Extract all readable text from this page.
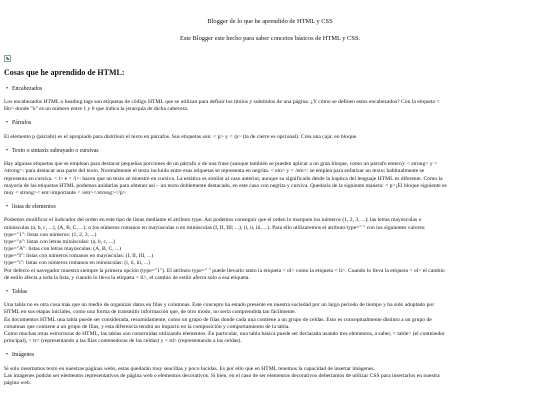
Blogger de lo que he aprendido de HTML y CSS
Este Blogger este hecho para saber concetos básicos de HTML y CSS.
Cosas que he aprendido de HTML:
• Encabezados
Los encabezados HTML o heading tags son etiquetas de código HTML que se utilizan para definir los títulos y subtítulos de una página. ¿Y cómo se definen estos encabezados? Con la etiqueta <
Hn> donde "n" es un número entre 1 y 6 que indica la jerarquía de dicha cabecera.
• Párrafos
El elemento p (párrafo) es el apropiado para distribuir el texto en párrafos. Sus etiquetas son: < p> y < /p> (la de cierre es opcional). Crea una caja: en bloque.
• Texto o sintaxis subrayado o cursivas
Hay algunas etiquetas que se emplean para destacar pequeñas porciones de un párrafo o de una frase (aunque también se pueden aplicar a un gran bloque, como un párrafo entero): < strong> y <
/strong>: para destacar una parte del texto. Normalmente el texto incluido entre esas etiquetas se representa en negrita. < em> y < /em>: se emplea para enfatizar un texto; habitualmente se
representa en cursiva. < i> e < /i>: hacen que un texto se muestre en cursiva. La estática es similar al caso anterior, aunque su significado desde la haptica del lenguaje HTML es diferente. Como la
mayoría de las etiquetas HTML podemos anidarlas para obtener así – un texto doblemente destacado, en este caso con negrita y cursiva. Quedaría de la siguiente manera: < p>¡El bloque siguiente es
muy < strong>< em>importante < /em></strong></p>
• listas de elementos
Podemos modificar el indicador del orden en este tipo de listas mediante el atributo type. Así podemos conseguir que el orden lo marquen los números (1, 2, 3, ...); las letras mayúsculas o
minúsculas (a, b, c, ...), (A, B, C, ...); o los números romanos en mayúsculas o en minúsculas (I, II, III; ...), (i, ii, iii, ...). Para ello utilizaremos el atributo type=" " con los siguientes valores:
type="1": listas con números: (1, 2, 3, ...)
type="a": listas con letras minúsculas: (a, b, c, ...)
type="A": listas con letras mayúsculas: (A, B, C, ...)
type="I": listas con números romanos en mayúsculas: (I, II, III, ...)
type="i": listas con números romanos en minúsculas: (i, ii, iii, ...)
Por defecto el navegador muestra siempre la primera opción (type="1"). El atributo type=" " puede llevarlo tanto la etiqueta < ol> como la etiqueta < li>. Cuando lo lleva la etiqueta < ol> el cambio
de estilo afecta a toda la lista, y cuando lo lleva la etiqueta < li>, el cambio de estilo afecta solo a esa etiqueta.
• Tablas
Una tabla no es otra cosa más que un medio de organizar datos en filas y columnas. Este concepto ha estado presente en nuestra sociedad por un largo periodo de tiempo y ha sido adoptado por
HTML en sus etapas iniciales, como una forma de transmitir información que, de otro modo, no sería comprendida tan fácilmente.
En documentos HTML una tabla puede ser considerada, resumidamente, como un grupo de filas donde cada una contiene a un grupo de celdas. Esto es conceptualmente distinto a un grupo de
columnas que contiene a un grupo de filas, y esta diferencia tendrá un impacto en la composición y comportamiento de la tabla.
Como muchas otras estructuras de HTML, las tablas son construidas utilizando elementos. En particular, una tabla básica puede ser declarada usando tres elementos, a saber, < table> (el contenedor
principal), < tr> (representando a las filas contenedoras de las celdas) y < td> (representando a las celdas).
• Imágenes
Si solo insertamos texto en nuestras páginas webs, estas quedarán muy sencillas y poco lucidas. Es por ello que en HTML tenemos la capacidad de insertar imágenes.
Las imágenes podrán ser elementos representativos de página web o elementos decorativos. Si bien, en el caso de ser elementos decorativos deberíamos de utilizar CSS para insertarlos en nuestra
página web.
